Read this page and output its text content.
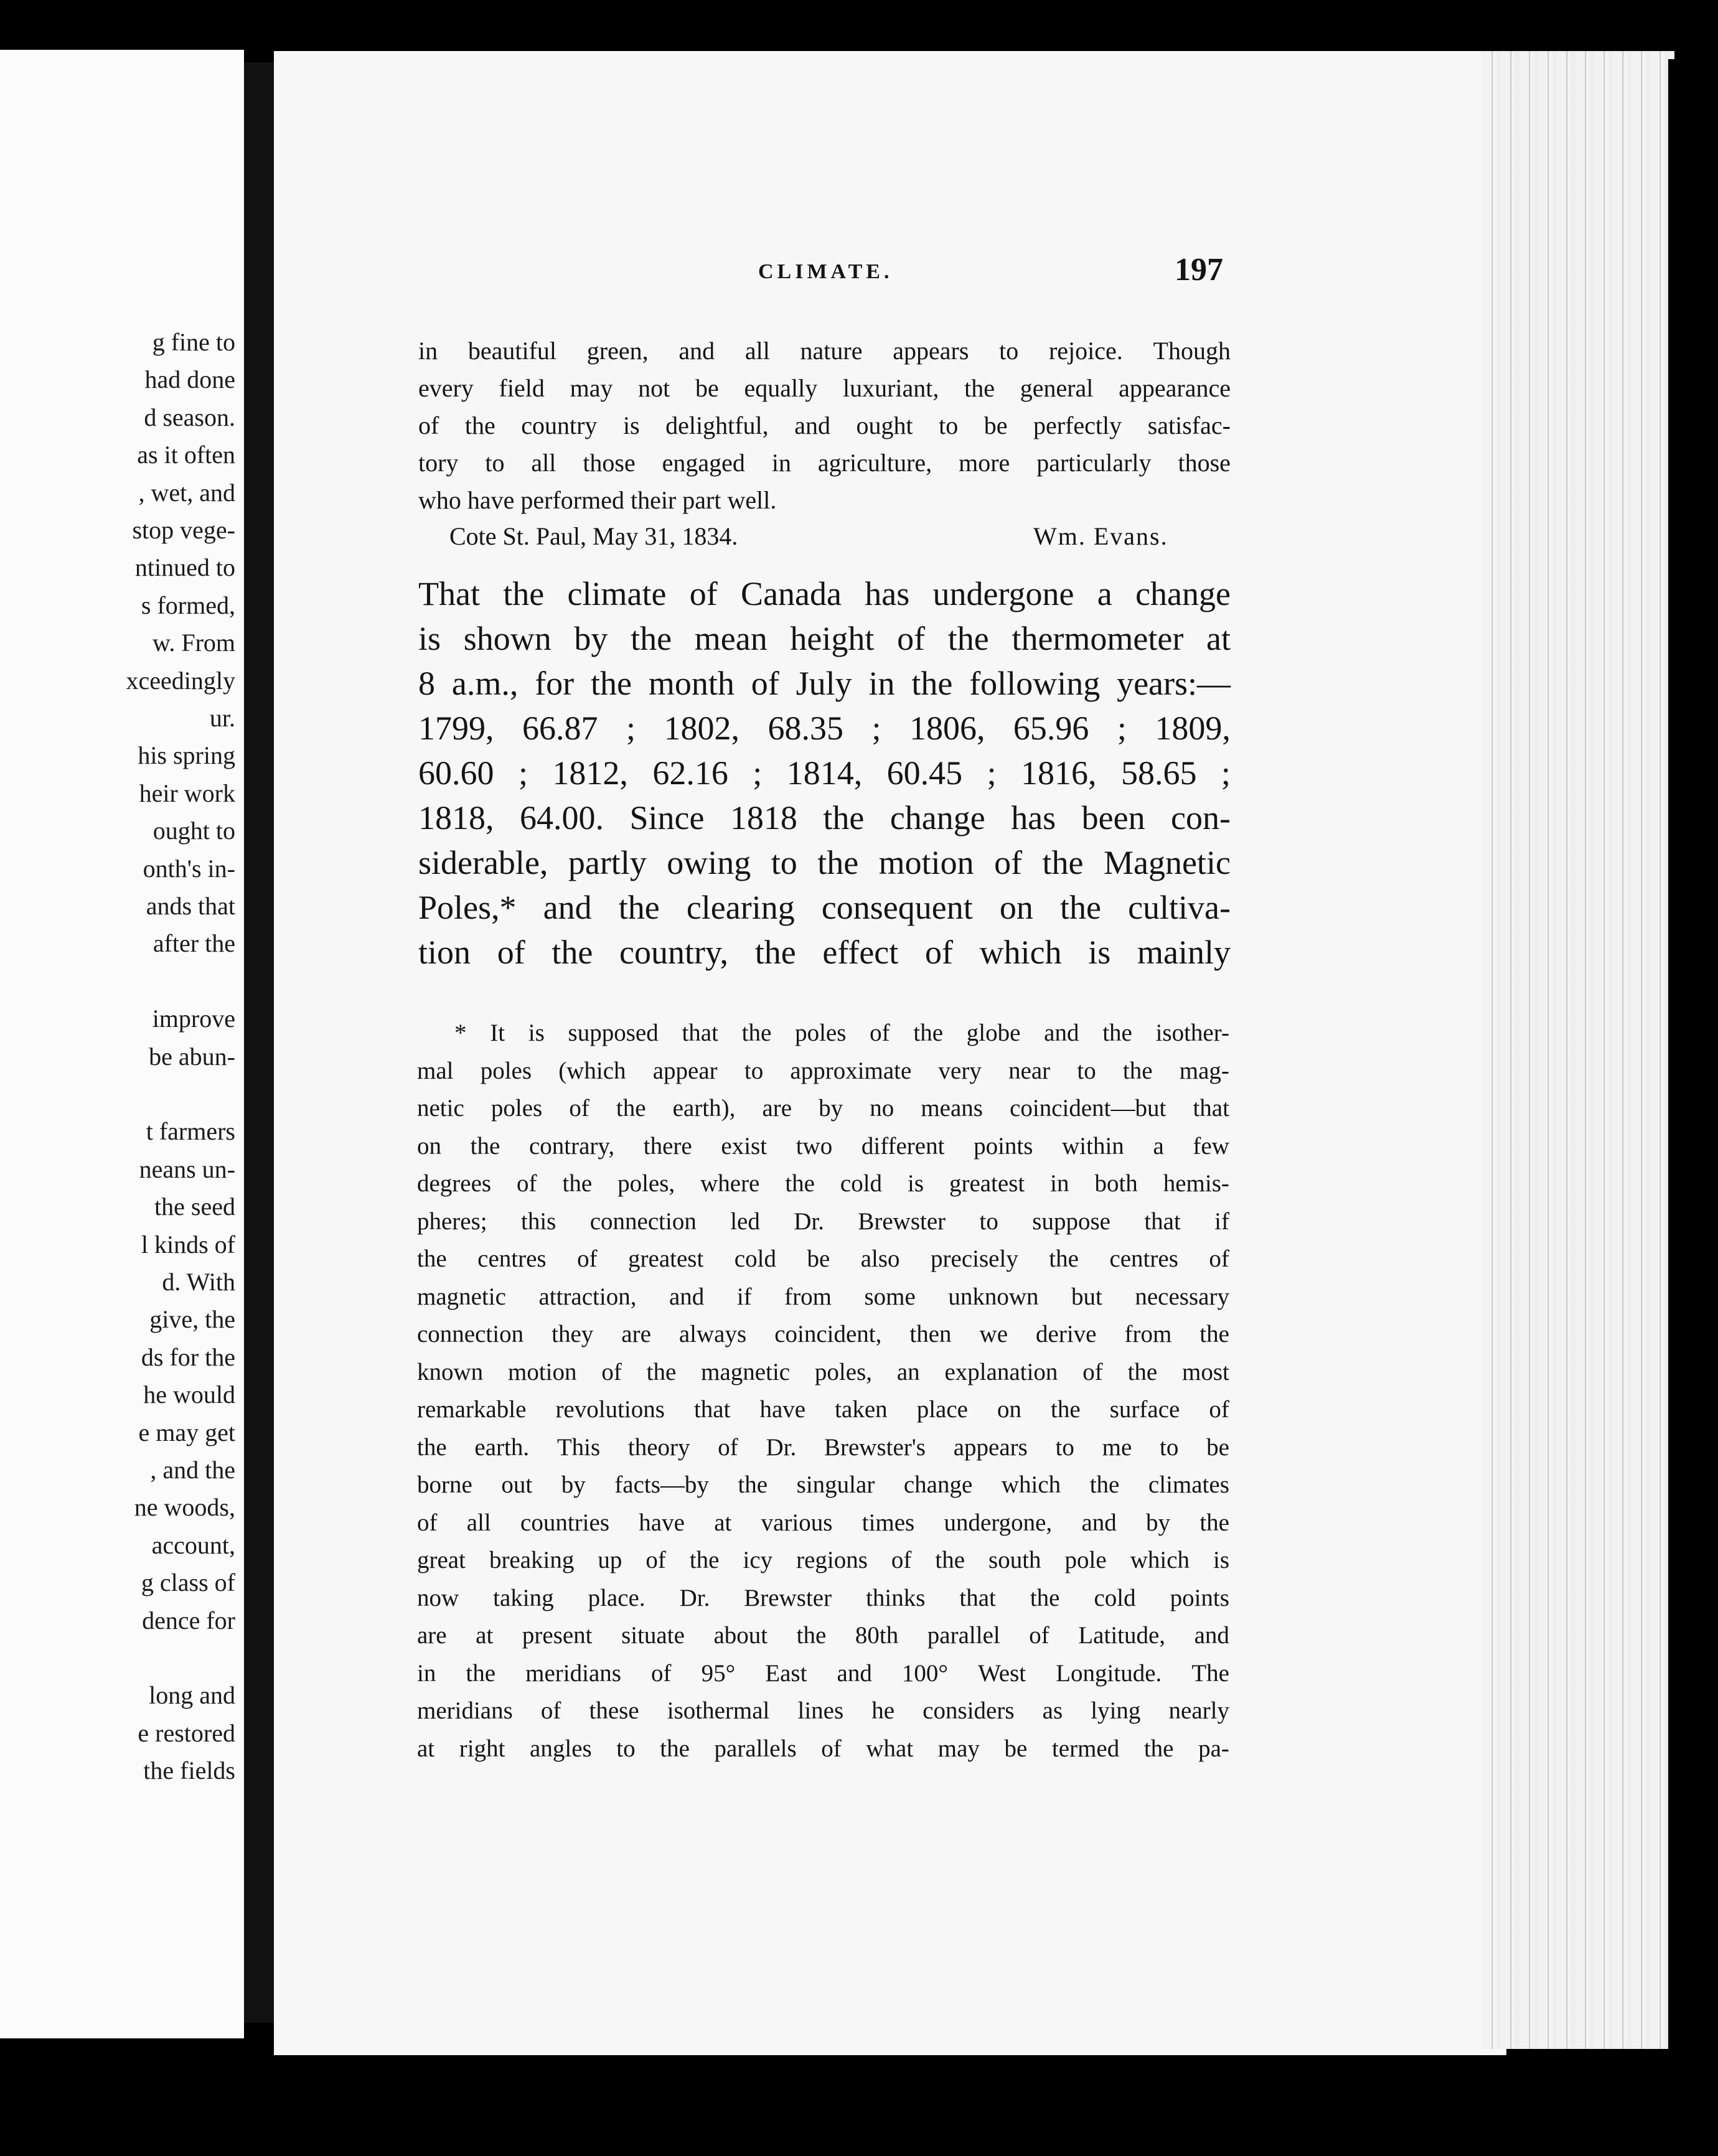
g fine to
had done
d season.
as it often
, wet, and
stop vege-
ntinued to
s formed,
w. From
xceedingly
ur.
his spring
heir work
ought to
onth's in-
ands that
after the
improve
be abun-
t farmers
neans un-
the seed
l kinds of
d. With
give, the
ds for the
he would
e may get
, and the
ne woods,
account,
g class of
dence for
long and
e restored
the fields
CLIMATE.	197
in beautiful green, and all nature appears to rejoice. Though
every field may not be equally luxuriant, the general appearance
of the country is delightful, and ought to be perfectly satisfac-
tory to all those engaged in agriculture, more particularly those
who have performed their part well.
Cote St. Paul, May 31, 1834.	Wm. Evans.
That the climate of Canada has undergone a change
is shown by the mean height of the thermometer at
8 a.m., for the month of July in the following years:—
1799, 66.87 ; 1802, 68.35 ; 1806, 65.96 ; 1809,
60.60 ; 1812, 62.16 ; 1814, 60.45 ; 1816, 58.65 ;
1818, 64.00. Since 1818 the change has been con-
siderable, partly owing to the motion of the Magnetic
Poles,* and the clearing consequent on the cultiva-
tion of the country, the effect of which is mainly
* It is supposed that the poles of the globe and the isother-
mal poles (which appear to approximate very near to the mag-
netic poles of the earth), are by no means coincident—but that
on the contrary, there exist two different points within a few
degrees of the poles, where the cold is greatest in both hemis-
pheres; this connection led Dr. Brewster to suppose that if
the centres of greatest cold be also precisely the centres of
magnetic attraction, and if from some unknown but necessary
connection they are always coincident, then we derive from the
known motion of the magnetic poles, an explanation of the most
remarkable revolutions that have taken place on the surface of
the earth. This theory of Dr. Brewster's appears to me to be
borne out by facts—by the singular change which the climates
of all countries have at various times undergone, and by the
great breaking up of the icy regions of the south pole which is
now taking place. Dr. Brewster thinks that the cold points
are at present situate about the 80th parallel of Latitude, and
in the meridians of 95° East and 100° West Longitude. The
meridians of these isothermal lines he considers as lying nearly
at right angles to the parallels of what may be termed the pa-
